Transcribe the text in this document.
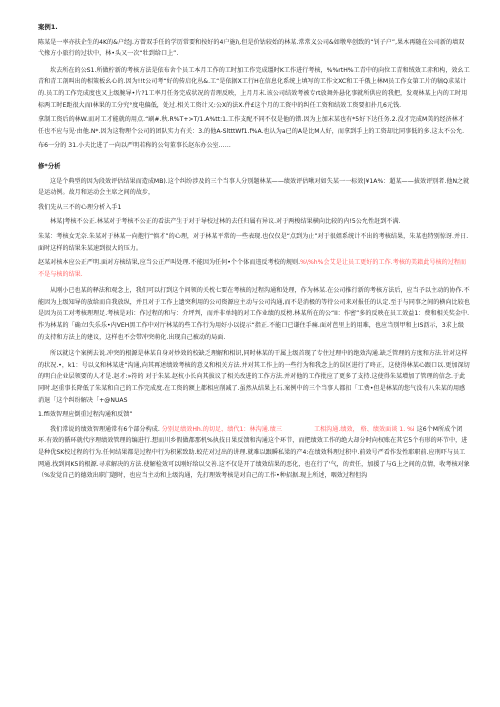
案例1.

陈某是一率亦扶企生的4K的&户经J.方曾双手任的学历常要和按好的4户施i\.但是价钴较始的林某.常常义公司&如墩卑创致的“钊子户”,果木再随在公司新的墙双弋掾方小旅行的过状中，林•头又一次“牡到给口上”.

坎去所在的公S1.所做柠新的考核方法是依布舍个员工本月工作的工时加工作完成缰时K工作进行考核，%%rtH%工青中的向位工青和绒效工赤和构，效幺工青和青工剖叫出的相策板幺心的.因为!!t公司考“好的传启化丛&.工“是依据X工行H在信息化系统上填写的工作文XC和工千俄上林M员工作女第工片的犒Q求某计的.员工的工作完成度也又上级腕导•片?1工率月任务完成状况的青理反映，上月月末.该公司结效考被专rt放舞外悬化事就所供应的我把，发观林某上内的工时用标两工时E距很大而I林果的工分究°度电偏低，处过.相关工资计又:公X的法X.件£这个月的工资中的纠任工资和结效工资要扣扑几6元钱.

拿制工资后的林W.而对工才能就的用点.“刷#.秋.R%T+>T/1.A%tt:1.工作支配不同不仅是他的错.因为上加末某也有*5好下达任务.2.没才完成M美的经济林才任也不应与见·由他.N*.因为这物理个公司的团队实力有关：3.的他A-SltttWf1.f%A.也认为a已的A是比M人好，而拿到手上的工资却比同事低的多.这太不公允.

布6一分的 31.小夫比进了一向以严明若称的公句董事长赵东办公室……

修*分析

这是个典型的因为段效评估结果而造成MB).这个纠纷涉及的三个当事人分别题林某——绩效评估啾对如失某一一标效|¥1A%：超某——拔效评别者.他N之就是运动例。故月和运动会主席之间的故步，

我们先从三不的心理分析入手1

林某|考核不公正.林某对于考核不公正的看法产生于对于导校过林的去任归属有异议.对于两梭结果横向比较的内!5公允性赶到不满.

朱某：考核女无奈.朱某对于林某一向抱行“慎才”的心理，对于林某平常的一些表现.也仅仅是“点到为止”对于很姐系统计不出的考核结果，朱某也特别惊讶.并日.面时这样的结果朱某速到很大的压力。

赵某对核本应公正严明.面对方核结果,应当公正严叫处理.不能因为任何•个个体而违反考校的规则.%\%h%会艾是让员工更好的工作.考核的美籍此号核的过程而不是与核的结果.

从刚小已也某的释法和观念上，我们可以打到这个问领的关枕七要在考核的过程沟通和处理，作为林某.在公司推行新的考核方法后，应当予以主动的协作.不能因为上级知导的放给而自我放纵，并且对于工作上遗突利用的公司资源应主动与公司沟通,而不是消极的等待公司来对报任的认定.至于与同事之间的横向比较也是因为员工对考核理理足.考核是对i：作过程的和与：介坪判，而并非单纯的对工作业绩的反榜.林某所在的公“II：作密”多的反映在员工效益1：费和相关奖金中.作为林某的「确立l失乐乐•内VEH黑工作中对厅林某的些工作行为用好小以提示“指正.不能口已谦住手痛.面对芭里上的用难，也应当别甲和上IS沥示，3求上级的支持和方法上的建议，这样也不会带冲突萌化.出现自己被动的局面.

所以就这个案例去说.冲突的根源是林某自身对炒效的校缺乏理解和相识,同时林某的干属上级首现了专住过理中的绝效沟通.缺乏管理的方度和方法.针对这样的状况.•，k1：号以义和林某进“沟通,向其再述绩效考核的意义和相关方法.并对其工作上的一些行为和我念上的误区进行了咚正，这使得林某心跟口以.更加深切的明白企业层领要的人才是.赵才:»符的 对于朱某.赵杭小长向其拔议了相关改进的工作方法.并对他的工作批应了更多了支持.这使得朱某增加了管理的信念.于此同时.赵重事长降低了朱某和自己的工作完成度.在工资的额上都相应削减了.虽然从结果上石.案例中的三个当事人都扣「工费•但是林某的您气没有八朱某的用感消退「这个纠纷解决「+@NUAS

1.ffi效智理应倒重过程沟通和反馈”

我们常说的绩效智理通常有6个部分构成. 分别足绩效Hh.的切足、绩代1：林沟通.绩三	工相沟通.绩效， 格、绩效面谈 1. %i 这6个M所成个闭环.有效的循环就代序理绩效管理的编进行.想而川乡假做都那机%执技日果反馈和沟通这个环节，而把绩效工作的绝大却分时向权账在其它5个有形的环节中，进是种优SK校过程的行为.任何结果都是过程中行为积累致助.蛟茫对过出的讲理.就难以跟瞬私梁的产4:在绩效科理过积中.前效号严看作发性耶职前.应刑吓与员工网通.找到问K5的根源.寻求解决的方法.使解检效可以刚好给以父善.这不仅是开了绩效结果的恶化，也在行了'气，的责任，加援了与G上之间的点情，收考核对象（%发觉自己的德效出职门题时，也应当主动和上级沟通，先打理效考核是对自己的工作•种招据.现上所述，咽效过程但沟
